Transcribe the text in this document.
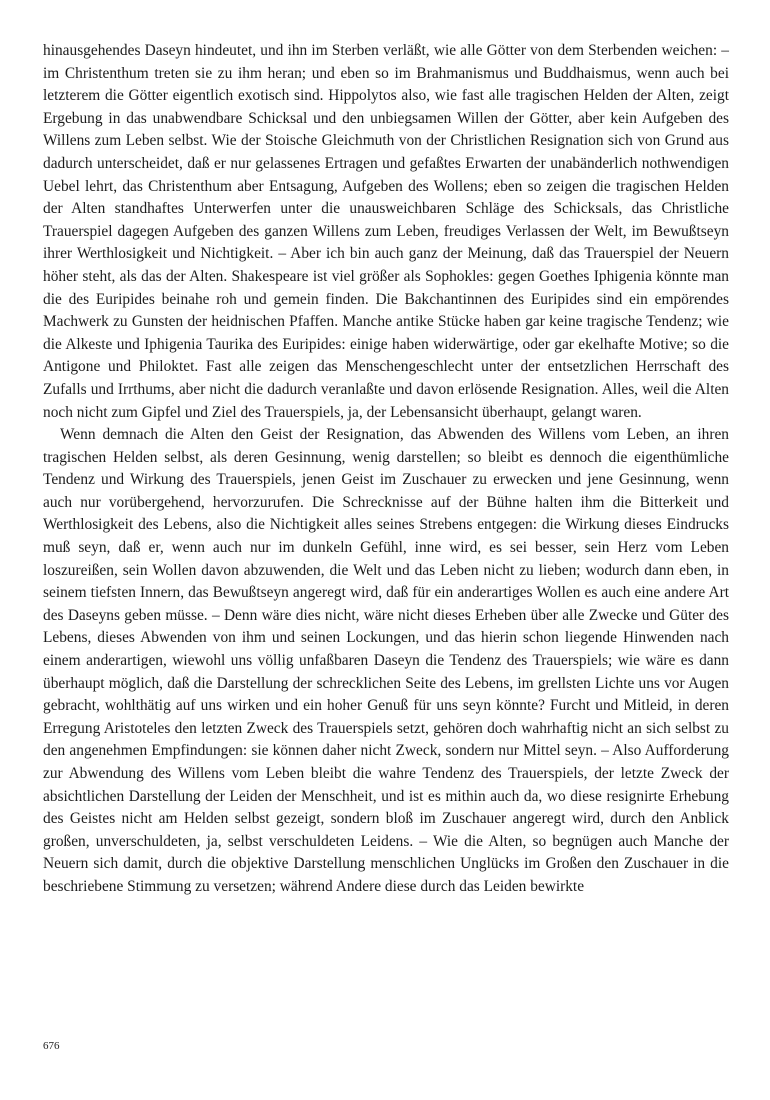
hinausgehendes Daseyn hindeutet, und ihn im Sterben verläßt, wie alle Götter von dem Sterbenden weichen: – im Christenthum treten sie zu ihm heran; und eben so im Brahmanismus und Buddhaismus, wenn auch bei letzterem die Götter eigentlich exotisch sind. Hippolytos also, wie fast alle tragischen Helden der Alten, zeigt Ergebung in das unabwendbare Schicksal und den unbiegsamen Willen der Götter, aber kein Aufgeben des Willens zum Leben selbst. Wie der Stoische Gleichmuth von der Christlichen Resignation sich von Grund aus dadurch unterscheidet, daß er nur gelassenes Ertragen und gefaßtes Erwarten der unabänderlich nothwendigen Uebel lehrt, das Christenthum aber Entsagung, Aufgeben des Wollens; eben so zeigen die tragischen Helden der Alten standhaftes Unterwerfen unter die unausweichbaren Schläge des Schicksals, das Christliche Trauerspiel dagegen Aufgeben des ganzen Willens zum Leben, freudiges Verlassen der Welt, im Bewußtseyn ihrer Werthlosigkeit und Nichtigkeit. – Aber ich bin auch ganz der Meinung, daß das Trauerspiel der Neuern höher steht, als das der Alten. Shakespeare ist viel größer als Sophokles: gegen Goethes Iphigenia könnte man die des Euripides beinahe roh und gemein finden. Die Bakchantinnen des Euripides sind ein empörendes Machwerk zu Gunsten der heidnischen Pfaffen. Manche antike Stücke haben gar keine tragische Tendenz; wie die Alkeste und Iphigenia Taurika des Euripides: einige haben widerwärtige, oder gar ekelhafte Motive; so die Antigone und Philoktet. Fast alle zeigen das Menschengeschlecht unter der entsetzlichen Herrschaft des Zufalls und Irrthums, aber nicht die dadurch veranlaßte und davon erlösende Resignation. Alles, weil die Alten noch nicht zum Gipfel und Ziel des Trauerspiels, ja, der Lebensansicht überhaupt, gelangt waren.

Wenn demnach die Alten den Geist der Resignation, das Abwenden des Willens vom Leben, an ihren tragischen Helden selbst, als deren Gesinnung, wenig darstellen; so bleibt es dennoch die eigenthümliche Tendenz und Wirkung des Trauerspiels, jenen Geist im Zuschauer zu erwecken und jene Gesinnung, wenn auch nur vorübergehend, hervorzurufen. Die Schrecknisse auf der Bühne halten ihm die Bitterkeit und Werthlosigkeit des Lebens, also die Nichtigkeit alles seines Strebens entgegen: die Wirkung dieses Eindrucks muß seyn, daß er, wenn auch nur im dunkeln Gefühl, inne wird, es sei besser, sein Herz vom Leben loszureißen, sein Wollen davon abzuwenden, die Welt und das Leben nicht zu lieben; wodurch dann eben, in seinem tiefsten Innern, das Bewußtseyn angeregt wird, daß für ein anderartiges Wollen es auch eine andere Art des Daseyns geben müsse. – Denn wäre dies nicht, wäre nicht dieses Erheben über alle Zwecke und Güter des Lebens, dieses Abwenden von ihm und seinen Lockungen, und das hierin schon liegende Hinwenden nach einem anderartigen, wiewohl uns völlig unfaßbaren Daseyn die Tendenz des Trauerspiels; wie wäre es dann überhaupt möglich, daß die Darstellung der schrecklichen Seite des Lebens, im grellsten Lichte uns vor Augen gebracht, wohlthätig auf uns wirken und ein hoher Genuß für uns seyn könnte? Furcht und Mitleid, in deren Erregung Aristoteles den letzten Zweck des Trauerspiels setzt, gehören doch wahrhaftig nicht an sich selbst zu den angenehmen Empfindungen: sie können daher nicht Zweck, sondern nur Mittel seyn. – Also Aufforderung zur Abwendung des Willens vom Leben bleibt die wahre Tendenz des Trauerspiels, der letzte Zweck der absichtlichen Darstellung der Leiden der Menschheit, und ist es mithin auch da, wo diese resignirte Erhebung des Geistes nicht am Helden selbst gezeigt, sondern bloß im Zuschauer angeregt wird, durch den Anblick großen, unverschuldeten, ja, selbst verschuldeten Leidens. – Wie die Alten, so begnügen auch Manche der Neuern sich damit, durch die objektive Darstellung menschlichen Unglücks im Großen den Zuschauer in die beschriebene Stimmung zu versetzen; während Andere diese durch das Leiden bewirkte

676
